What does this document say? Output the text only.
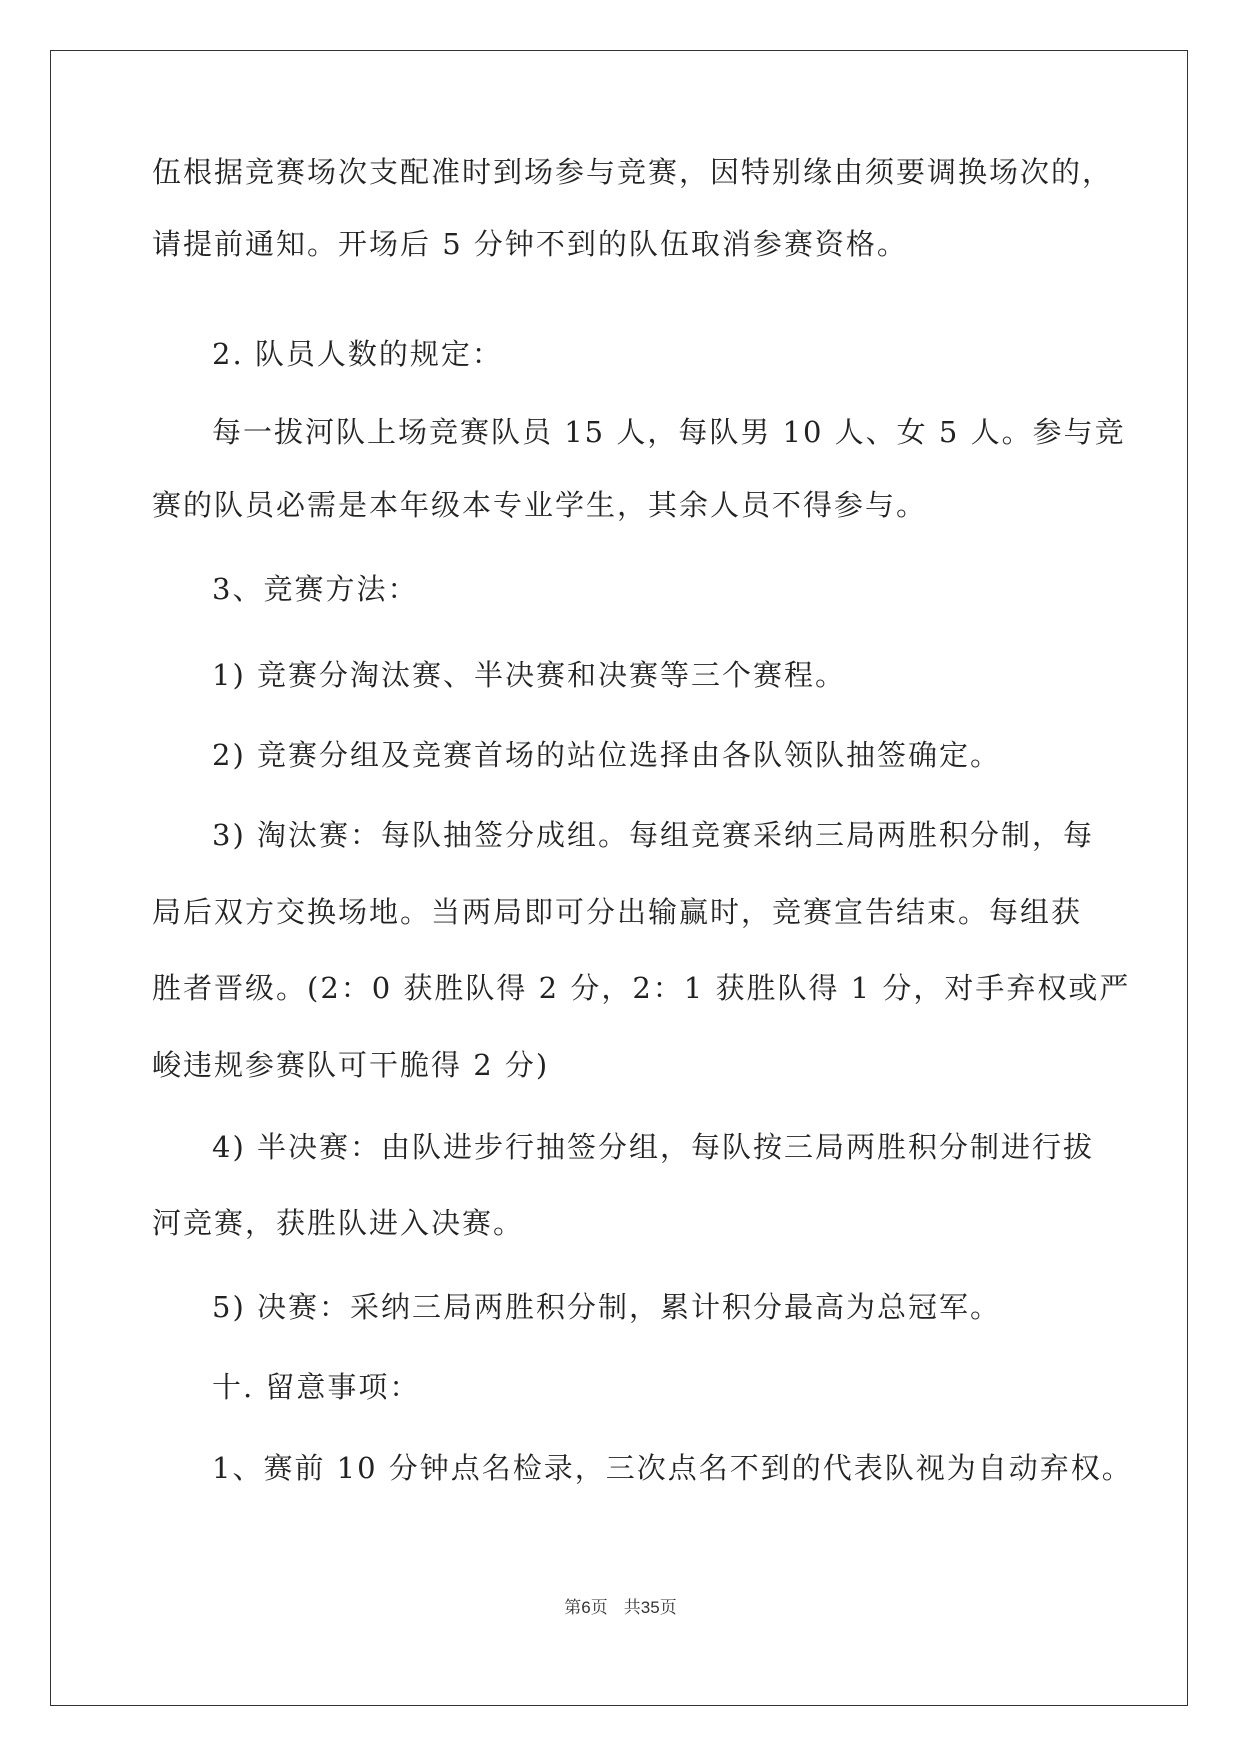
伍根据竞赛场次支配准时到场参与竞赛，因特别缘由须要调换场次的，

请提前通知。开场后 5 分钟不到的队伍取消参赛资格。

2. 队员人数的规定：

每一拔河队上场竞赛队员 15 人，每队男 10 人、女 5 人。参与竞

赛的队员必需是本年级本专业学生，其余人员不得参与。

3、竞赛方法：

1) 竞赛分淘汰赛、半决赛和决赛等三个赛程。

2) 竞赛分组及竞赛首场的站位选择由各队领队抽签确定。

3) 淘汰赛：每队抽签分成组。每组竞赛采纳三局两胜积分制，每

局后双方交换场地。当两局即可分出输赢时，竞赛宣告结束。每组获

胜者晋级。(2：0 获胜队得 2 分，2：1 获胜队得 1 分，对手弃权或严

峻违规参赛队可干脆得 2 分)

4) 半决赛：由队进步行抽签分组，每队按三局两胜积分制进行拔

河竞赛，获胜队进入决赛。

5) 决赛：采纳三局两胜积分制，累计积分最高为总冠军。

十. 留意事项：

1、赛前 10 分钟点名检录，三次点名不到的代表队视为自动弃权。

第6页 共35页
